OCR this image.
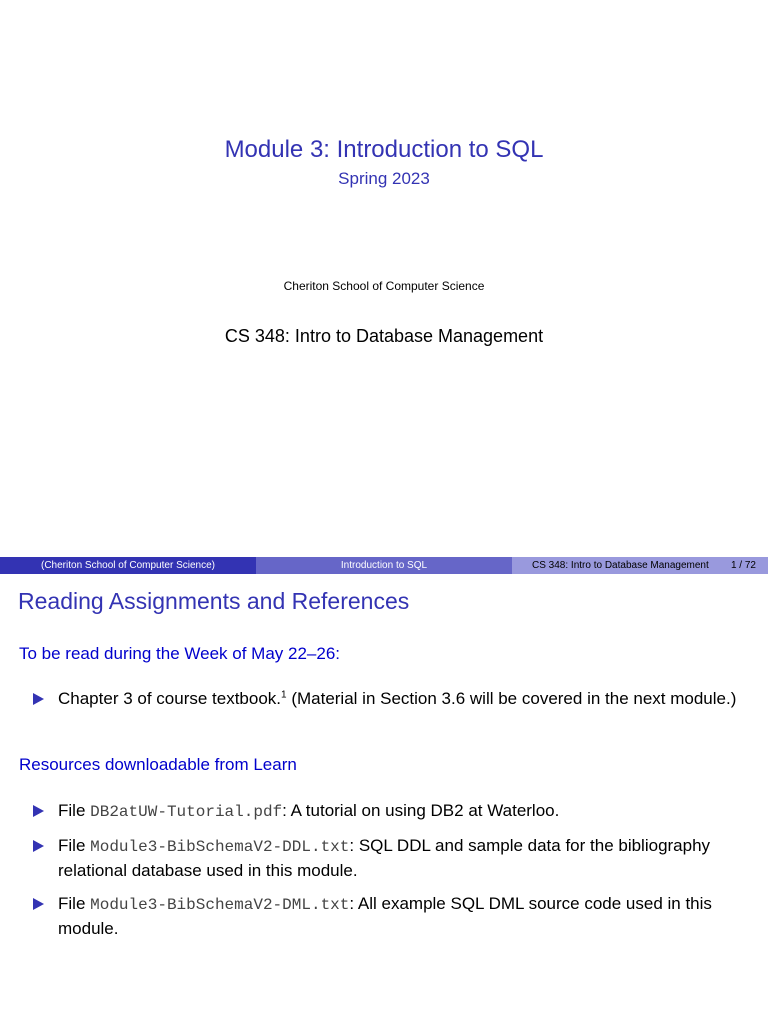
Module 3: Introduction to SQL
Spring 2023
Cheriton School of Computer Science
CS 348: Intro to Database Management
(Cheriton School of Computer Science)	Introduction to SQL	CS 348: Intro to Database Management 1 / 72
Reading Assignments and References
To be read during the Week of May 22–26:
Chapter 3 of course textbook.$^1$ (Material in Section 3.6 will be covered in the next module.)
Resources downloadable from Learn
File DB2atUW-Tutorial.pdf: A tutorial on using DB2 at Waterloo.
File Module3-BibSchemaV2-DDL.txt: SQL DDL and sample data for the bibliography relational database used in this module.
File Module3-BibSchemaV2-DML.txt: All example SQL DML source code used in this module.
